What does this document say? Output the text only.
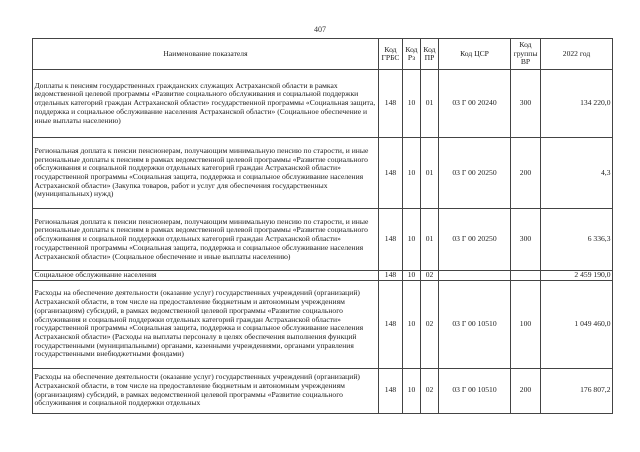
407
Наименование показателя	Код ГРБС	Код Рз	Код ПР	Код ЦСР	Код группы ВР	2022 год
Доплаты к пенсиям государственных гражданских служащих Астраханской области в рамках ведомственной целевой программы «Развитие социального обслуживания и социальной поддержки отдельных категорий граждан Астраханской области» государственной программы «Социальная защита, поддержка и социальное обслуживание населения Астраханской области» (Социальное обеспечение и иные выплаты населению)	148	10	01	03 Г 00 20240	300	134 220,0
Региональная доплата к пенсии пенсионерам, получающим минимальную пенсию по старости, и иные региональные доплаты к пенсиям в рамках ведомственной целевой программы «Развитие социального обслуживания и социальной поддержки отдельных категорий граждан Астраханской области» государственной программы «Социальная защита, поддержка и социальное обслуживание населения Астраханской области» (Закупка товаров, работ и услуг для обеспечения государственных (муниципальных) нужд)	148	10	01	03 Г 00 20250	200	4,3
Региональная доплата к пенсии пенсионерам, получающим минимальную пенсию по старости, и иные региональные доплаты к пенсиям в рамках ведомственной целевой программы «Развитие социального обслуживания и социальной поддержки отдельных категорий граждан Астраханской области» государственной программы «Социальная защита, поддержка и социальное обслуживание населения Астраханской области» (Социальное обеспечение и иные выплаты населению)	148	10	01	03 Г 00 20250	300	6 336,3
Социальное обслуживание населения	148	10	02			2 459 190,0
Расходы на обеспечение деятельности (оказание услуг) государственных учреждений (организаций) Астраханской области, в том числе на предоставление бюджетным и автономным учреждениям (организациям) субсидий, в рамках ведомственной целевой программы «Развитие социального обслуживания и социальной поддержки отдельных категорий граждан Астраханской области» государственной программы «Социальная защита, поддержка и социальное обслуживание населения Астраханской области» (Расходы на выплаты персоналу в целях обеспечения выполнения функций государственными (муниципальными) органами, казенными учреждениями, органами управления государственными внебюджетными фондами)	148	10	02	03 Г 00 10510	100	1 049 460,0
Расходы на обеспечение деятельности (оказание услуг) государственных учреждений (организаций) Астраханской области, в том числе на предоставление бюджетным и автономным учреждениям (организациям) субсидий, в рамках ведомственной целевой программы «Развитие социального обслуживания и социальной поддержки отдельных	148	10	02	03 Г 00 10510	200	176 807,2
